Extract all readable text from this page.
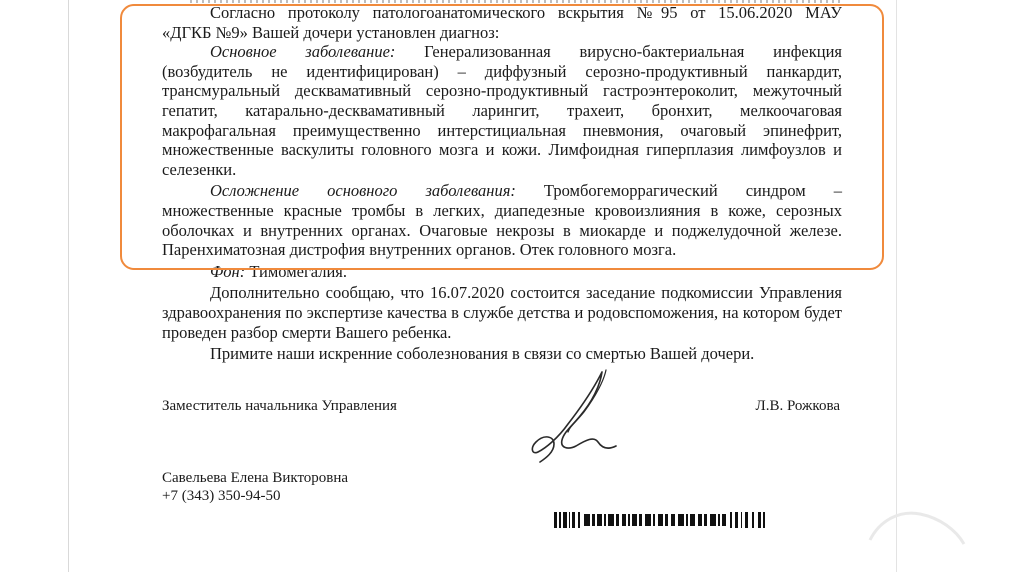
Согласно протоколу патологоанатомического вскрытия №95 от 15.06.2020 МАУ

«ДГКБ №9» Вашей дочери установлен диагноз:

Основное заболевание: Генерализованная вирусно-бактериальная инфекция

(возбудитель не идентифицирован) – диффузный серозно-продуктивный панкардит, трансмуральный десквамативный серозно-продуктивный гастроэнтероколит, межуточный гепатит, катарально-десквамативный ларингит, трахеит, бронхит, мелкоочаговая макрофагальная преимущественно интерстициальная пневмония, очаговый эпинефрит, множественные васкулиты головного мозга и кожи. Лимфоидная гиперплазия лимфоузлов и селезенки.

Осложнение основного заболевания: Тромбогеморрагический синдром –

множественные красные тромбы в легких, диапедезные кровоизлияния в коже, серозных оболочках и внутренних органах. Очаговые некрозы в миокарде и поджелудочной железе. Паренхиматозная дистрофия внутренних органов. Отек головного мозга.

Фон: Тимомегалия.

Дополнительно сообщаю, что 16.07.2020 состоится заседание подкомиссии Управления здравоохранения по экспертизе качества в службе детства и родовспоможения, на котором будет проведен разбор смерти Вашего ребенка.

Примите наши искренние соболезнования в связи со смертью Вашей дочери.

Заместитель начальника Управления	Л.В. Рожкова
Савельева Елена Викторовна
+7 (343) 350-94-50
